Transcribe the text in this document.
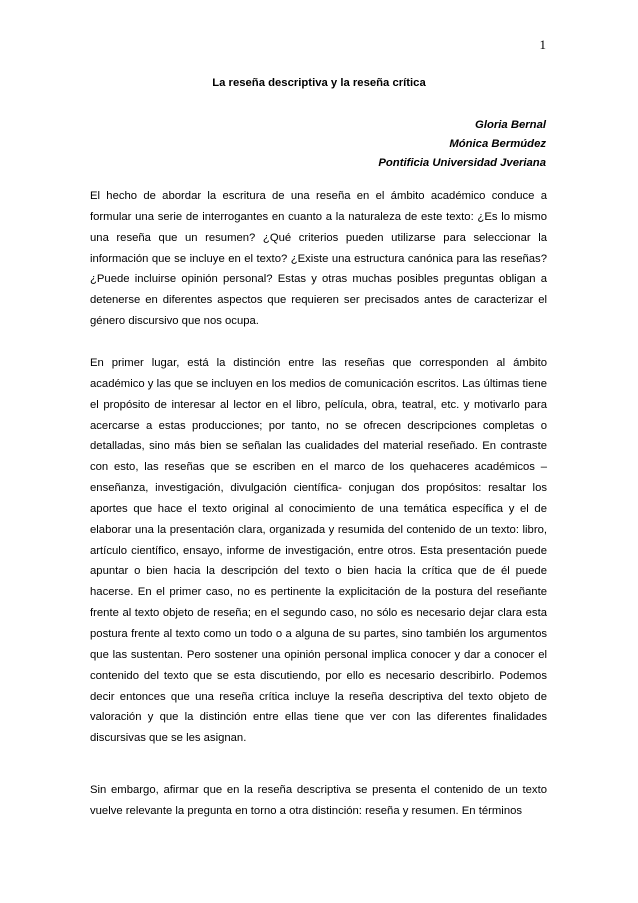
1
La reseña descriptiva y la reseña crítica
Gloria Bernal
Mónica Bermúdez
Pontificia Universidad Jveriana

El hecho de abordar la escritura de una reseña en el ámbito académico conduce a formular una serie de interrogantes en cuanto a la naturaleza de este texto: ¿Es lo mismo una reseña que un resumen? ¿Qué criterios pueden utilizarse para seleccionar la información que se incluye en el texto? ¿Existe una estructura canónica para las reseñas? ¿Puede incluirse opinión personal? Estas y otras muchas posibles preguntas obligan a detenerse en diferentes aspectos que requieren ser precisados antes de caracterizar el género discursivo que nos ocupa.

En primer lugar, está la distinción entre las reseñas que corresponden al ámbito académico y las que se incluyen en los medios de comunicación escritos. Las últimas tiene el propósito de interesar al lector en el libro, película, obra, teatral, etc. y motivarlo para acercarse a estas producciones; por tanto, no se ofrecen descripciones completas o detalladas, sino más bien se señalan las cualidades del material reseñado. En contraste con esto, las reseñas que se escriben en el marco de los quehaceres académicos –enseñanza, investigación, divulgación científica- conjugan dos propósitos: resaltar los aportes que hace el texto original al conocimiento de una temática específica y el de elaborar una la presentación clara, organizada y resumida del contenido de un texto: libro, artículo científico, ensayo, informe de investigación, entre otros. Esta presentación puede apuntar o bien hacia la descripción del texto o bien hacia la crítica que de él puede hacerse. En el primer caso, no es pertinente la explicitación de la postura del reseñante frente al texto objeto de reseña; en el segundo caso, no sólo es necesario dejar clara esta postura frente al texto como un todo o a alguna de su partes, sino también los argumentos que las sustentan. Pero sostener una opinión personal implica conocer y dar a conocer el contenido del texto que se esta discutiendo, por ello es necesario describirlo. Podemos decir entonces que una reseña crítica incluye la reseña descriptiva del texto objeto de valoración y que la distinción entre ellas tiene que ver con las diferentes finalidades discursivas que se les asignan.

Sin embargo, afirmar que en la reseña descriptiva se presenta el contenido de un texto vuelve relevante la pregunta en torno a otra distinción: reseña y resumen. En términos
